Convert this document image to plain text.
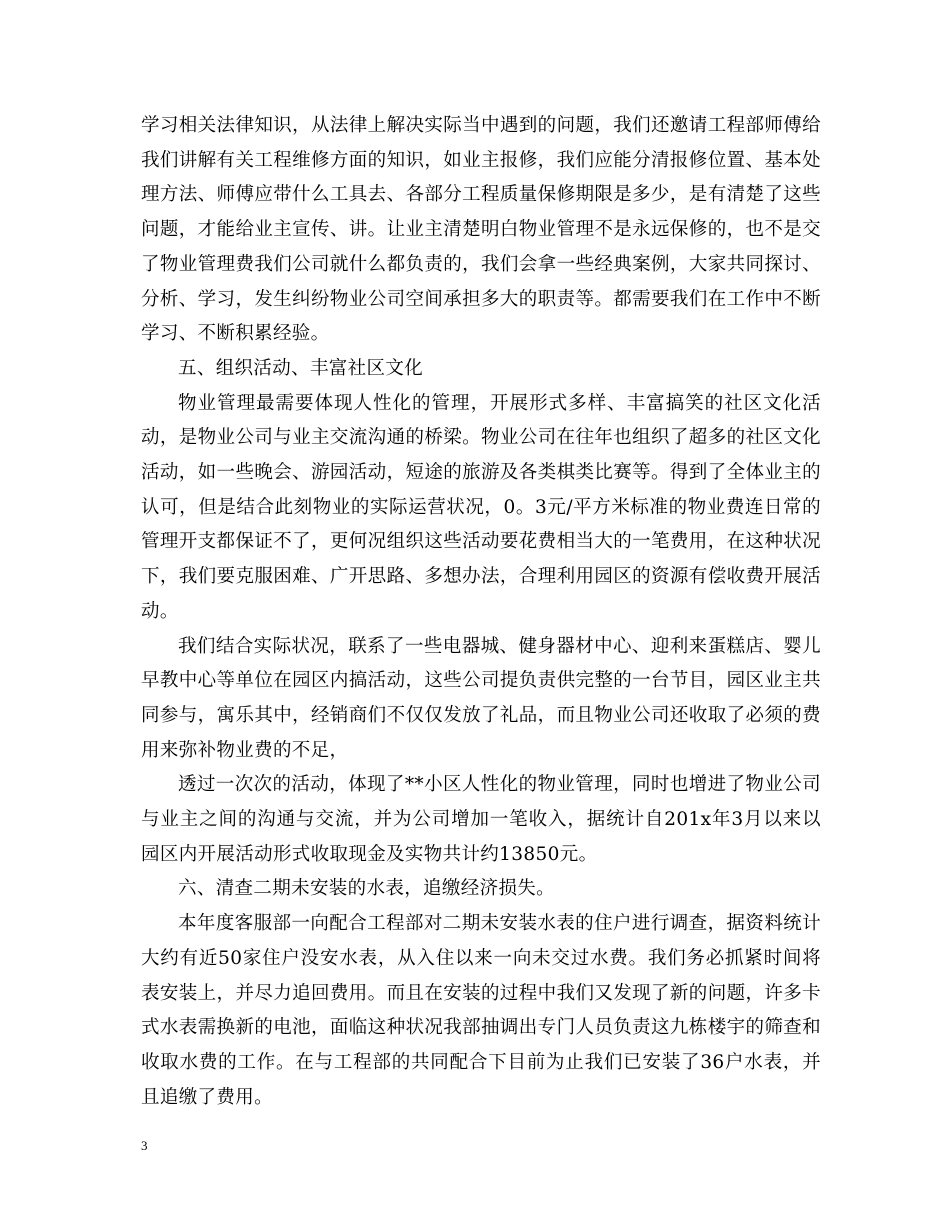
学习相关法律知识，从法律上解决实际当中遇到的问题，我们还邀请工程部师傅给我们讲解有关工程维修方面的知识，如业主报修，我们应能分清报修位置、基本处理方法、师傅应带什么工具去、各部分工程质量保修期限是多少，是有清楚了这些问题，才能给业主宣传、讲。让业主清楚明白物业管理不是永远保修的，也不是交了物业管理费我们公司就什么都负责的，我们会拿一些经典案例，大家共同探讨、分析、学习，发生纠纷物业公司空间承担多大的职责等。都需要我们在工作中不断学习、不断积累经验。

五、组织活动、丰富社区文化

物业管理最需要体现人性化的管理，开展形式多样、丰富搞笑的社区文化活动，是物业公司与业主交流沟通的桥梁。物业公司在往年也组织了超多的社区文化活动，如一些晚会、游园活动，短途的旅游及各类棋类比赛等。得到了全体业主的认可，但是结合此刻物业的实际运营状况，0。3元/平方米标准的物业费连日常的管理开支都保证不了，更何况组织这些活动要花费相当大的一笔费用，在这种状况下，我们要克服困难、广开思路、多想办法，合理利用园区的资源有偿收费开展活动。

我们结合实际状况，联系了一些电器城、健身器材中心、迎利来蛋糕店、婴儿早教中心等单位在园区内搞活动，这些公司提负责供完整的一台节目，园区业主共同参与，寓乐其中，经销商们不仅仅发放了礼品，而且物业公司还收取了必须的费用来弥补物业费的不足，

透过一次次的活动，体现了**小区人性化的物业管理，同时也增进了物业公司与业主之间的沟通与交流，并为公司增加一笔收入，据统计自201x年3月以来以园区内开展活动形式收取现金及实物共计约13850元。

六、清查二期未安装的水表，追缴经济损失。

本年度客服部一向配合工程部对二期未安装水表的住户进行调查，据资料统计大约有近50家住户没安水表，从入住以来一向未交过水费。我们务必抓紧时间将表安装上，并尽力追回费用。而且在安装的过程中我们又发现了新的问题，许多卡式水表需换新的电池，面临这种状况我部抽调出专门人员负责这九栋楼宇的筛查和收取水费的工作。在与工程部的共同配合下目前为止我们已安装了36户水表，并且追缴了费用。

3
